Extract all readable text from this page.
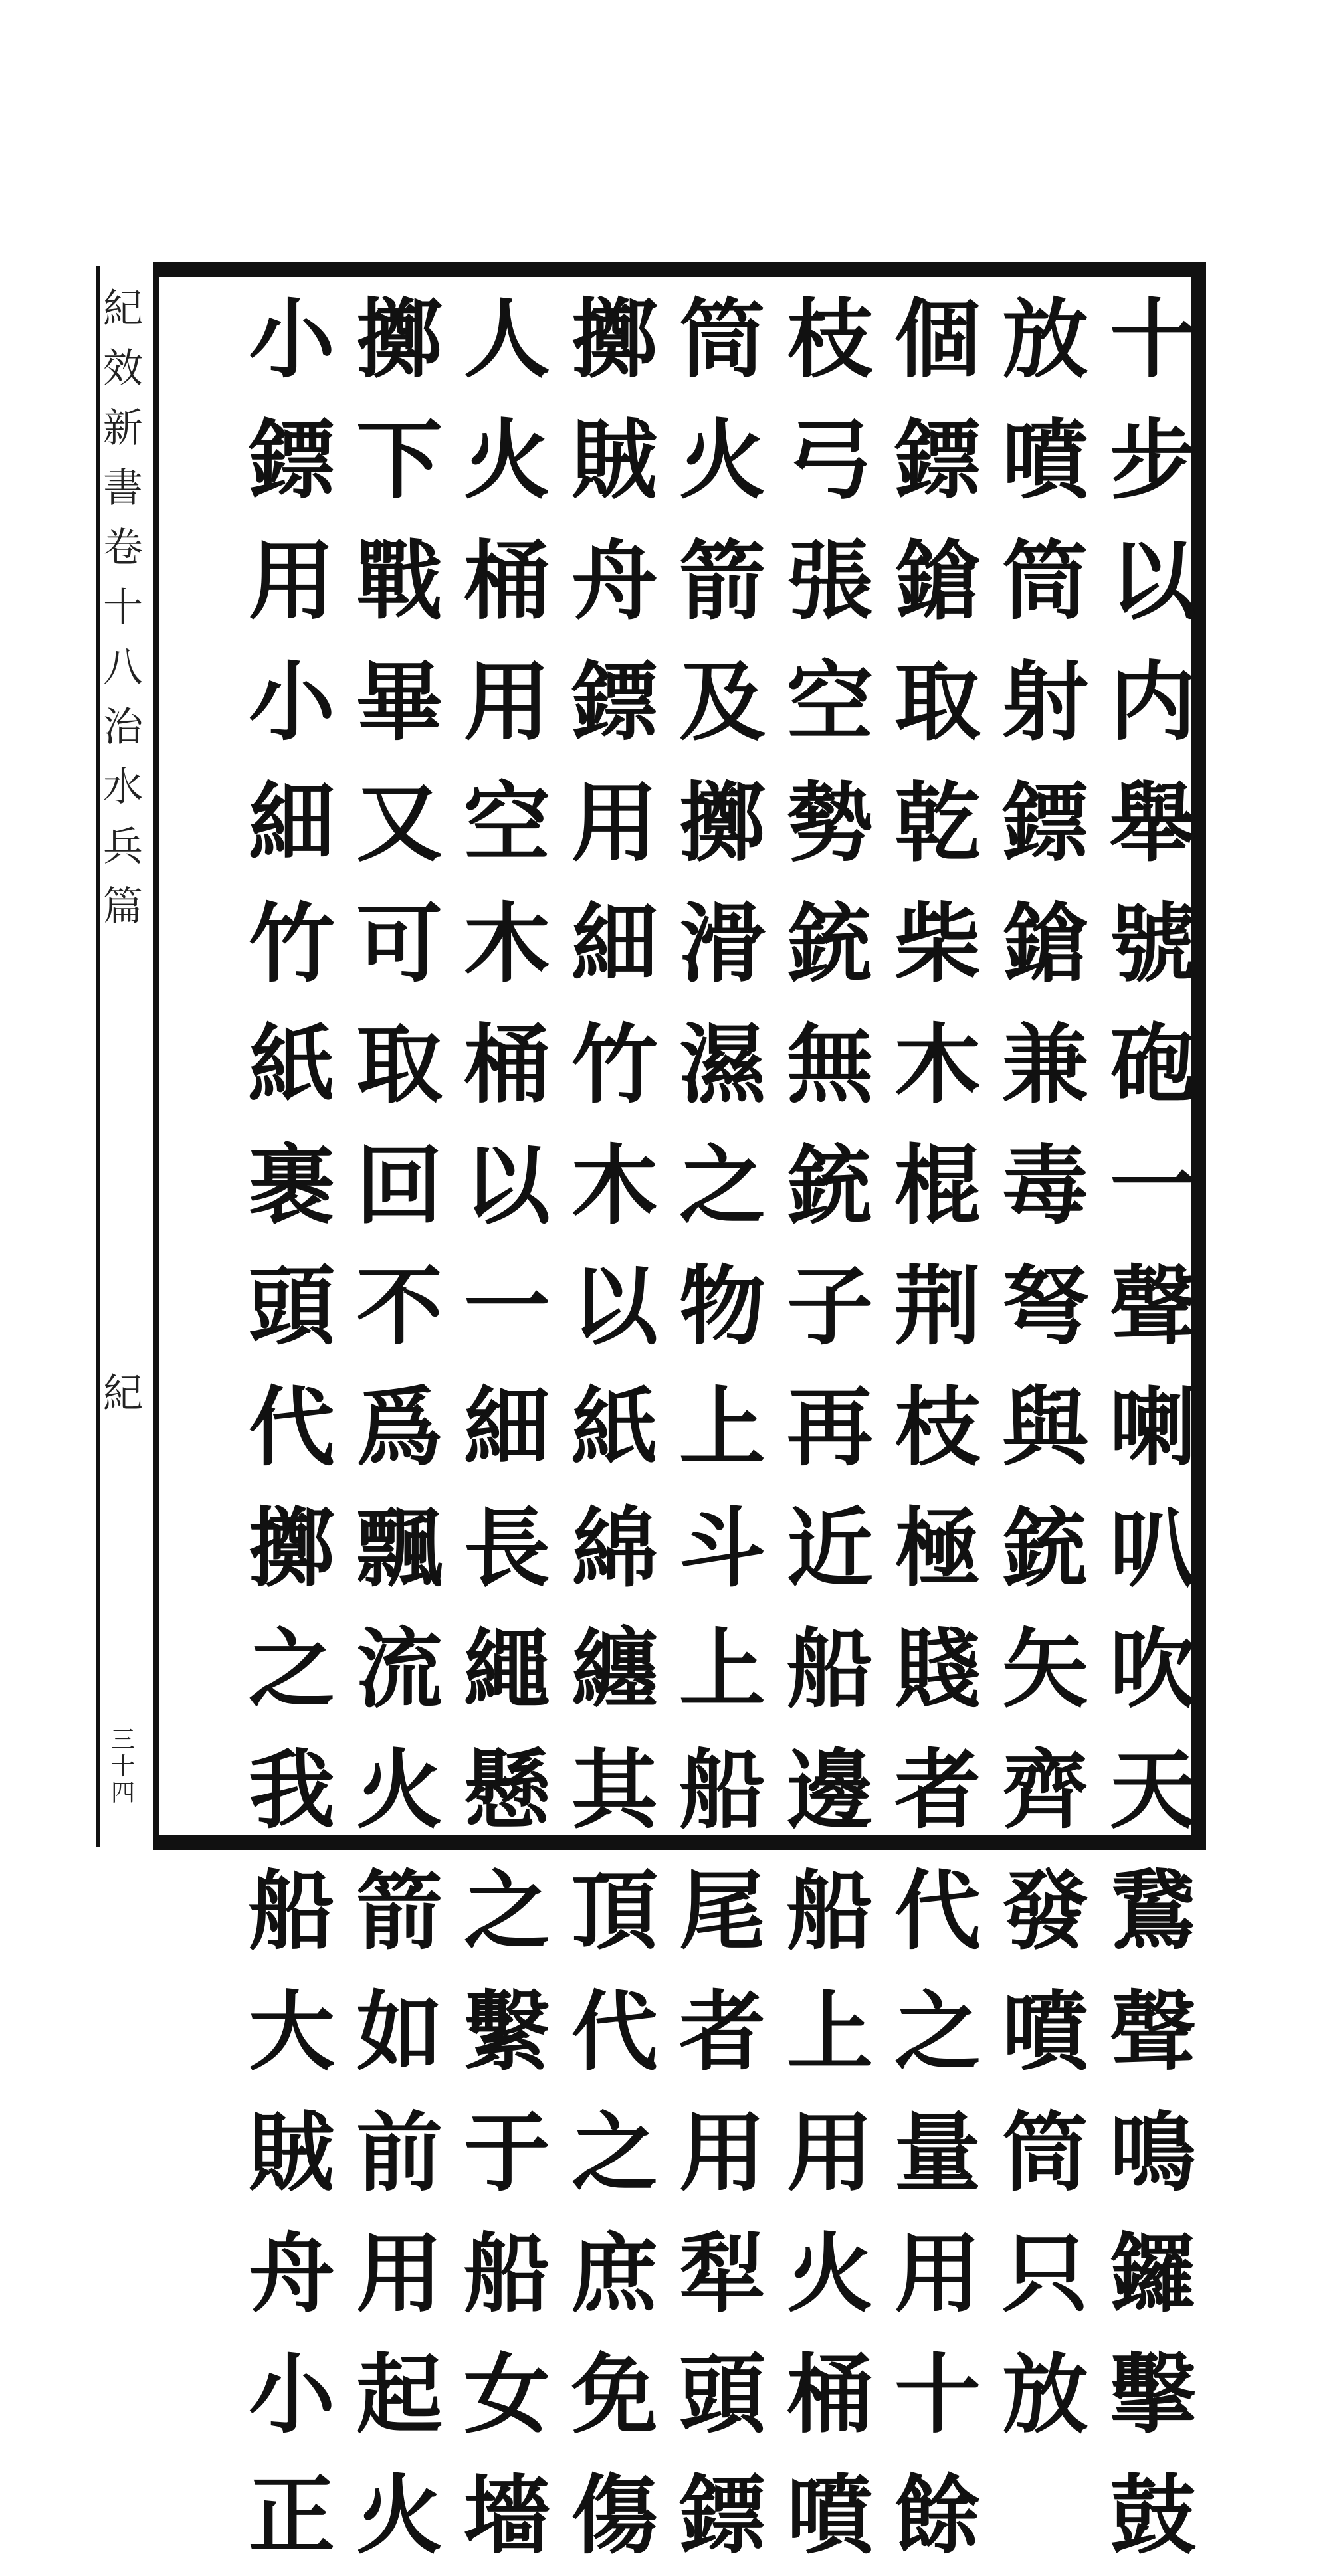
紀
效
新
書
卷
十
八
治
水
兵
篇
紀
三
十
四
十
步
以
内
舉
號
砲
一
聲
喇
叭
吹
天
鵞
聲
鳴
鑼
擊
鼓
放
噴
筒
射
鏢
鎗
兼
毒
弩
與
銃
矢
齊
發
噴
筒
只
放
個
鏢
鎗
取
乾
柴
木
棍
荆
枝
極
賤
者
代
之
量
用
十
餘
枝
弓
張
空
勢
銃
無
銃
子
再
近
船
邊
船
上
用
火
桶
噴
筒
火
箭
及
擲
滑
濕
之
物
上
斗
上
船
尾
者
用
犁
頭
鏢
擲
賊
舟
鏢
用
細
竹
木
以
紙
綿
纏
其
頂
代
之
庶
免
傷
人
火
桶
用
空
木
桶
以
一
細
長
繩
懸
之
繫
于
船
女
墻
擲
下
戰
畢
又
可
取
回
不
爲
飄
流
火
箭
如
前
用
起
火
小
鏢
用
小
細
竹
紙
裹
頭
代
擲
之
我
船
大
賊
舟
小
正
